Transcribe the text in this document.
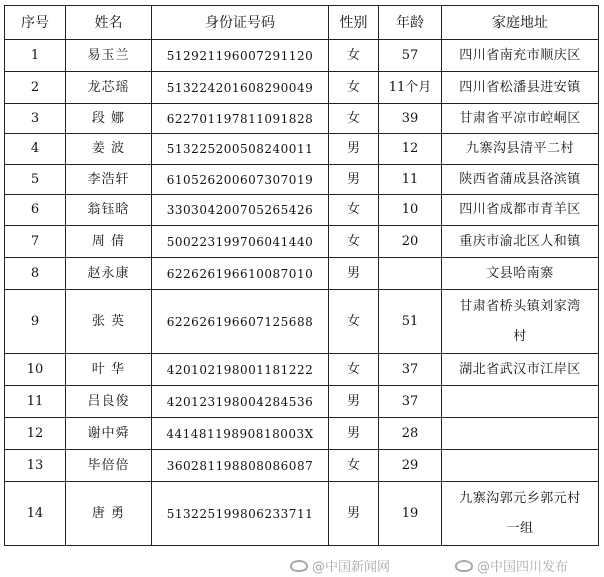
序号	姓名	身份证号码	性别	年龄	家庭地址
1	易玉兰	512921196007291120	女	57	四川省南充市顺庆区

2	龙芯瑶	513224201608290049	女	11个月	四川省松潘县进安镇

3	段 娜	622701197811091828	女	39	甘肃省平凉市崆峒区

4	姜 波	513225200508240011	男	12	九寨沟县清平二村

5	李浩轩	610526200607307019	男	11	陕西省蒲成县洛滨镇

6	翁钰晗	330304200705265426	女	10	四川省成都市青羊区

7	周 倩	500223199706041440	女	20	重庆市渝北区人和镇

8	赵永康	622626196610087010	男		文县哈南寨

9	张 英	622626196607125688	女	51	甘肃省桥头镇刘家湾
村

10	叶 华	420102198001181222	女	37	湖北省武汉市江岸区

11	吕良俊	420123198004284536	男	37	
12	谢中舜	44148119890818003X	男	28	
13	毕倍倍	360281198808086087	女	29	
14	唐 勇	513225199806233711	男	19	九寨沟郭元乡郭元村
一组
@中国新闻网	@中国四川发布
